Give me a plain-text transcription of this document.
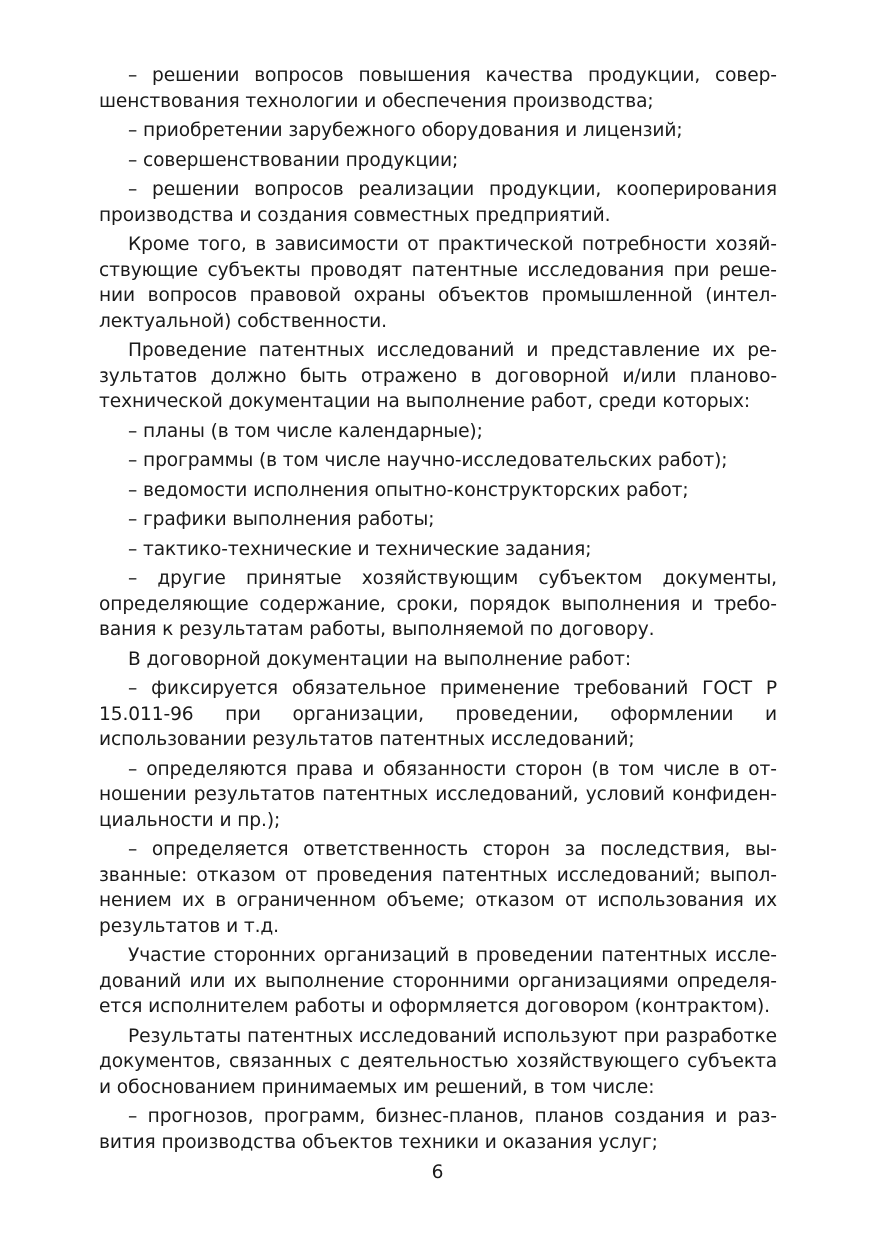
– решении вопросов повышения качества продукции, совершенствования технологии и обеспечения производства;

– приобретении зарубежного оборудования и лицензий;

– совершенствовании продукции;

– решении вопросов реализации продукции, кооперирования производства и создания совместных предприятий.

Кроме того, в зависимости от практической потребности хозяйствующие субъекты проводят патентные исследования при решении вопросов правовой охраны объектов промышленной (интеллектуальной) собственности.

Проведение патентных исследований и представление их результатов должно быть отражено в договорной и/или планово-технической документации на выполнение работ, среди которых:

– планы (в том числе календарные);

– программы (в том числе научно-исследовательских работ);

– ведомости исполнения опытно-конструкторских работ;

– графики выполнения работы;

– тактико-технические и технические задания;

– другие принятые хозяйствующим субъектом документы, определяющие содержание, сроки, порядок выполнения и требования к результатам работы, выполняемой по договору.

В договорной документации на выполнение работ:

– фиксируется обязательное применение требований ГОСТ Р 15.011-96 при организации, проведении, оформлении и использовании результатов патентных исследований;

– определяются права и обязанности сторон (в том числе в отношении результатов патентных исследований, условий конфиденциальности и пр.);

– определяется ответственность сторон за последствия, вызванные: отказом от проведения патентных исследований; выполнением их в ограниченном объеме; отказом от использования их результатов и т.д.

Участие сторонних организаций в проведении патентных исследований или их выполнение сторонними организациями определяется исполнителем работы и оформляется договором (контрактом).

Результаты патентных исследований используют при разработке документов, связанных с деятельностью хозяйствующего субъекта и обоснованием принимаемых им решений, в том числе:

– прогнозов, программ, бизнес-планов, планов создания и развития производства объектов техники и оказания услуг;

6
